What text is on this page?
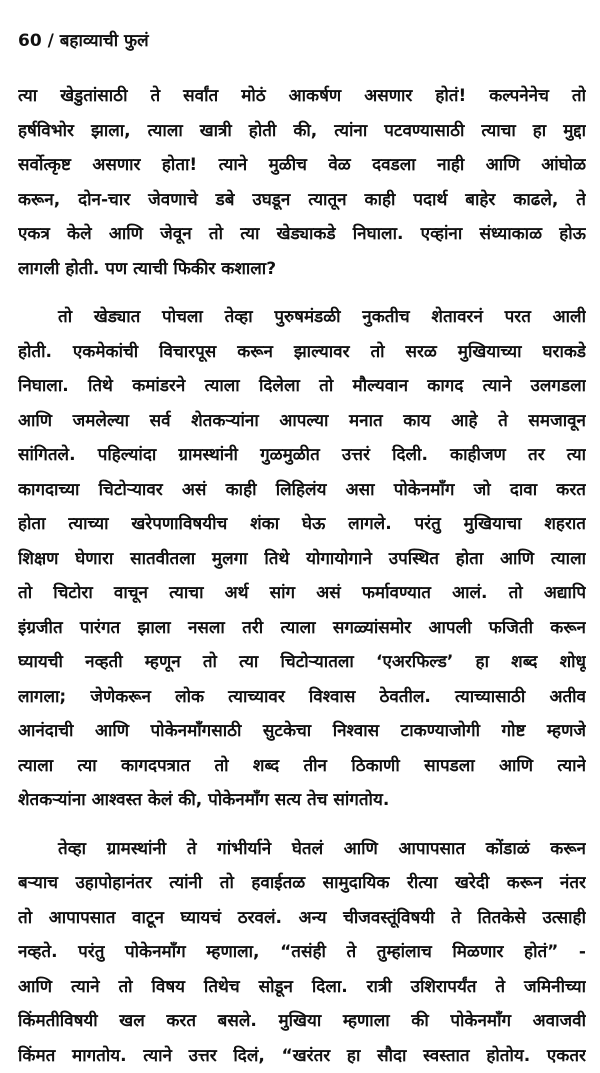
60 / बहाव्याची फुलं
त्या खेडुतांसाठी ते सर्वांत मोठं आकर्षण असणार होतं! कल्पनेनेच तो
हर्षविभोर झाला, त्याला खात्री होती की, त्यांना पटवण्यासाठी त्याचा हा मुद्दा
सर्वोत्कृष्ट असणार होता! त्याने मुळीच वेळ दवडला नाही आणि आंघोळ
करून, दोन-चार जेवणाचे डबे उघडून त्यातून काही पदार्थ बाहेर काढले, ते
एकत्र केले आणि जेवून तो त्या खेड्याकडे निघाला. एव्हांना संध्याकाळ होऊ
लागली होती. पण त्याची फिकीर कशाला?
तो खेड्यात पोचला तेव्हा पुरुषमंडळी नुकतीच शेतावरनं परत आली
होती. एकमेकांची विचारपूस करून झाल्यावर तो सरळ मुखियाच्या घराकडे
निघाला. तिथे कमांडरने त्याला दिलेला तो मौल्यवान कागद त्याने उलगडला
आणि जमलेल्या सर्व शेतकऱ्यांना आपल्या मनात काय आहे ते समजावून
सांगितले. पहिल्यांदा ग्रामस्थांनी गुळमुळीत उत्तरं दिली. काहीजण तर त्या
कागदाच्या चिटोऱ्यावर असं काही लिहिलंय असा पोकेनमॉंग जो दावा करत
होता त्याच्या खरेपणाविषयीच शंका घेऊ लागले. परंतु मुखियाचा शहरात
शिक्षण घेणारा सातवीतला मुलगा तिथे योगायोगाने उपस्थित होता आणि त्याला
तो चिटोरा वाचून त्याचा अर्थ सांग असं फर्मावण्यात आलं. तो अद्यापि
इंग्रजीत पारंगत झाला नसला तरी त्याला सगळ्यांसमोर आपली फजिती करून
घ्यायची नव्हती म्हणून तो त्या चिटोऱ्यातला ‘एअरफिल्ड’ हा शब्द शोधू
लागला; जेणेकरून लोक त्याच्यावर विश्वास ठेवतील. त्याच्यासाठी अतीव
आनंदाची आणि पोकेनमॉंगसाठी सुटकेचा निश्वास टाकण्याजोगी गोष्ट म्हणजे
त्याला त्या कागदपत्रात तो शब्द तीन ठिकाणी सापडला आणि त्याने
शेतकऱ्यांना आश्वस्त केलं की, पोकेनमॉंग सत्य तेच सांगतोय.
तेव्हा ग्रामस्थांनी ते गांभीर्याने घेतलं आणि आपापसात कोंडाळं करून
बऱ्याच उहापोहानंतर त्यांनी तो हवाईतळ सामुदायिक रीत्या खरेदी करून नंतर
तो आपापसात वाटून घ्यायचं ठरवलं. अन्य चीजवस्तूंविषयी ते तितकेसे उत्साही
नव्हते. परंतु पोकेनमॉंग म्हणाला, “तसंही ते तुम्हांलाच मिळणार होतं” -
आणि त्याने तो विषय तिथेच सोडून दिला. रात्री उशिरापर्यंत ते जमिनीच्या
किंमतीविषयी खल करत बसले. मुखिया म्हणाला की पोकेनमॉंग अवाजवी
किंमत मागतोय. त्याने उत्तर दिलं, “खरंतर हा सौदा स्वस्तात होतोय. एकतर
